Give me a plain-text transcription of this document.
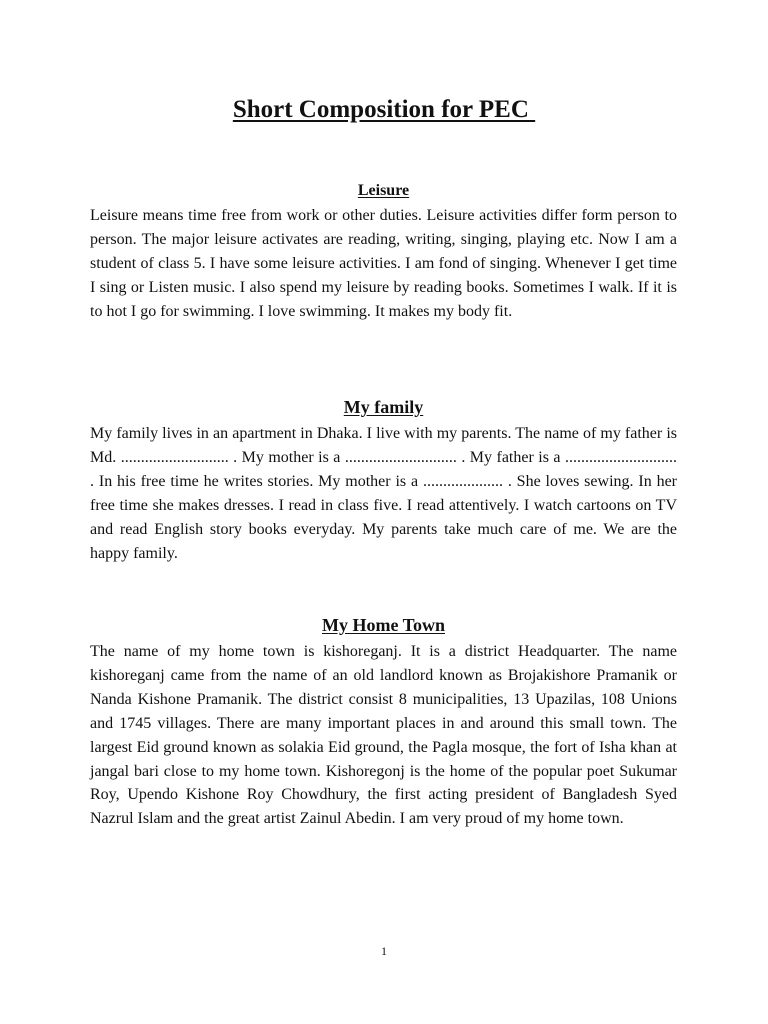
Short Composition for PEC
Leisure

Leisure means time free from work or other duties. Leisure activities differ form person to person. The major leisure activates are reading, writing, singing, playing etc. Now I am a student of class 5. I have some leisure activities. I am fond of singing. Whenever I get time I sing or Listen music. I also spend my leisure by reading books. Sometimes I walk. If it is to hot I go for swimming. I love swimming. It makes my body fit.

My family

My family lives in an apartment in Dhaka. I live with my parents. The name of my father is Md. ........................... . My mother is a ............................ . My father is a ............................ . In his free time he writes stories. My mother is a .................... . She loves sewing. In her free time she makes dresses. I read in class five. I read attentively. I watch cartoons on TV and read English story books everyday. My parents take much care of me. We are the happy family.

My Home Town

The name of my home town is kishoreganj. It is a district Headquarter. The name kishoreganj came from the name of an old landlord known as Brojakishore Pramanik or Nanda Kishone Pramanik. The district consist 8 municipalities, 13 Upazilas, 108 Unions and 1745 villages. There are many important places in and around this small town. The largest Eid ground known as solakia Eid ground, the Pagla mosque, the fort of Isha khan at jangal bari close to my home town. Kishoregonj is the home of the popular poet Sukumar Roy, Upendo Kishone Roy Chowdhury, the first acting president of Bangladesh Syed Nazrul Islam and the great artist Zainul Abedin. I am very proud of my home town.

1
